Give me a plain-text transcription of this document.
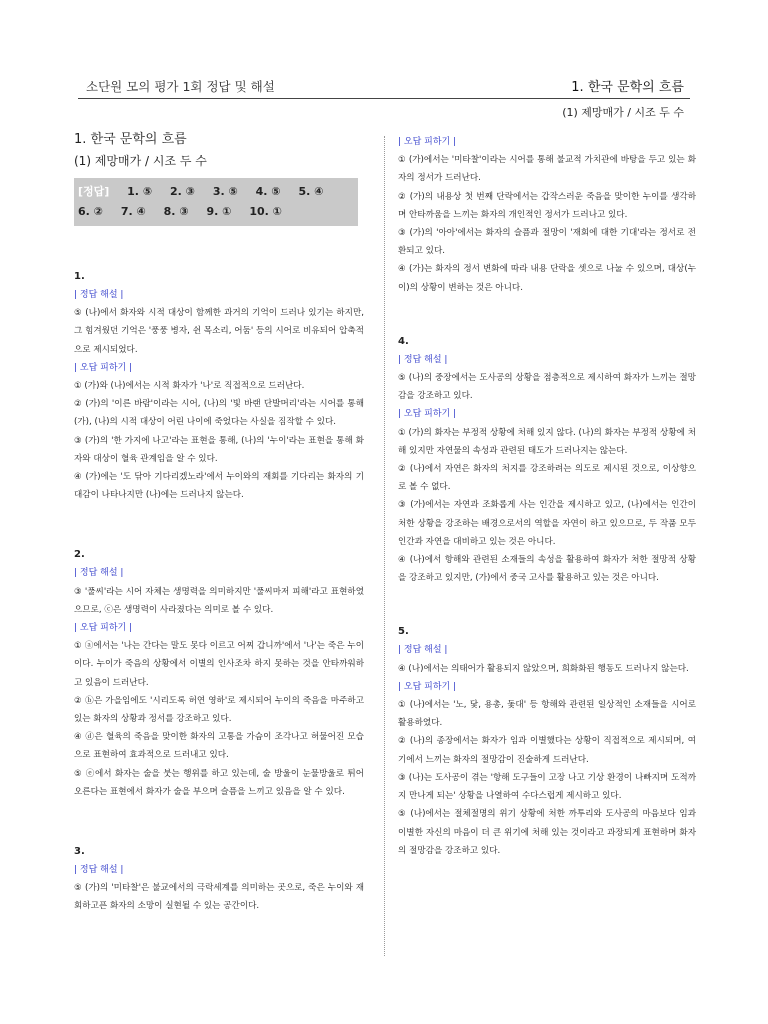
소단원 모의 평가 1회 정답 및 해설	1. 한국 문학의 흐름
(1) 제망매가 / 시조 두 수
1. 한국 문학의 흐름
(1) 제망매가 / 시조 두 수
[정답] 1. ⑤ 2. ③ 3. ⑤ 4. ⑤ 5. ④
6. ② 7. ④ 8. ③ 9. ① 10. ①
1.
| 정답 해설 |

⑤ (나)에서 화자와 시적 대상이 함께한 과거의 기억이 드러나 있기는 하지만, 그 힘겨웠던 기억은 '풍풍 병자, 쉰 목소리, 어둠' 등의 시어로 비유되어 압축적으로 제시되었다.

| 오답 피하기 |

① (가)와 (나)에서는 시적 화자가 '나'로 직접적으로 드러난다.

② (가)의 '이른 바람'이라는 시어, (나)의 '빛 바랜 단발머리'라는 시어를 통해 (가), (나)의 시적 대상이 어린 나이에 죽었다는 사실을 짐작할 수 있다.

③ (가)의 '한 가지에 나고'라는 표현을 통해, (나)의 '누이'라는 표현을 통해 화자와 대상이 혈육 관계임을 알 수 있다.

④ (가)에는 '도 닦아 기다리겠노라'에서 누이와의 재회를 기다리는 화자의 기대감이 나타나지만 (나)에는 드러나지 않는다.

2.
| 정답 해설 |

③ '풀씨'라는 시어 자체는 생명력을 의미하지만 '풀씨마저 피해'라고 표현하였으므로, ⓒ은 생명력이 사라졌다는 의미로 볼 수 있다.

| 오답 피하기 |

① ⓐ에서는 '나는 간다는 말도 못다 이르고 어찌 갑니까'에서 '나'는 죽은 누이이다. 누이가 죽음의 상황에서 이별의 인사조차 하지 못하는 것을 안타까워하고 있음이 드러난다.

② ⓑ은 가을임에도 '시리도록 허연 영하'로 제시되어 누이의 죽음을 마주하고 있는 화자의 상황과 정서를 강조하고 있다.

④ ⓓ은 혈육의 죽음을 맞이한 화자의 고통을 가슴이 조각나고 허물어진 모습으로 표현하여 효과적으로 드러내고 있다.

⑤ ⓔ에서 화자는 술을 붓는 행위를 하고 있는데, 술 방울이 눈물방울로 튀어 오른다는 표현에서 화자가 술을 부으며 슬픔을 느끼고 있음을 알 수 있다.

3.
| 정답 해설 |

⑤ (가)의 '미타찰'은 불교에서의 극락세계를 의미하는 곳으로, 죽은 누이와 재회하고픈 화자의 소망이 실현될 수 있는 공간이다.

| 오답 피하기 |

① (가)에서는 '미타찰'이라는 시어를 통해 불교적 가치관에 바탕을 두고 있는 화자의 정서가 드러난다.

② (가)의 내용상 첫 번째 단락에서는 갑작스러운 죽음을 맞이한 누이를 생각하며 안타까움을 느끼는 화자의 개인적인 정서가 드러나고 있다.

③ (가)의 '아아'에서는 화자의 슬픔과 절망이 '재회에 대한 기대'라는 정서로 전환되고 있다.

④ (가)는 화자의 정서 변화에 따라 내용 단락을 셋으로 나눌 수 있으며, 대상(누이)의 상황이 변하는 것은 아니다.

4.
| 정답 해설 |

⑤ (나)의 중장에서는 도사공의 상황을 점층적으로 제시하여 화자가 느끼는 절망감을 강조하고 있다.

| 오답 피하기 |

① (가)의 화자는 부정적 상황에 처해 있지 않다. (나)의 화자는 부정적 상황에 처해 있지만 자연물의 속성과 관련된 태도가 드러나지는 않는다.

② (나)에서 자연은 화자의 처지를 강조하려는 의도로 제시된 것으로, 이상향으로 볼 수 없다.

③ (가)에서는 자연과 조화롭게 사는 인간을 제시하고 있고, (나)에서는 인간이 처한 상황을 강조하는 배경으로서의 역할을 자연이 하고 있으므로, 두 작품 모두 인간과 자연을 대비하고 있는 것은 아니다.

④ (나)에서 항해와 관련된 소재들의 속성을 활용하여 화자가 처한 절망적 상황을 강조하고 있지만, (가)에서 중국 고사를 활용하고 있는 것은 아니다.

5.
| 정답 해설 |

④ (나)에서는 의태어가 활용되지 않았으며, 희화화된 행동도 드러나지 않는다.

| 오답 피하기 |

① (나)에서는 '노, 닻, 용총, 돛대' 등 항해와 관련된 일상적인 소재들을 시어로 활용하였다.

② (나)의 종장에서는 화자가 임과 이별했다는 상황이 직접적으로 제시되며, 여기에서 느끼는 화자의 절망감이 진술하게 드러난다.

③ (나)는 도사공이 겪는 '항해 도구들이 고장 나고 기상 환경이 나빠지며 도적까지 만나게 되는' 상황을 나열하여 수다스럽게 제시하고 있다.

⑤ (나)에서는 절체절명의 위기 상황에 처한 까투리와 도사공의 마음보다 임과 이별한 자신의 마음이 더 큰 위기에 처해 있는 것이라고 과장되게 표현하며 화자의 절망감을 강조하고 있다.
